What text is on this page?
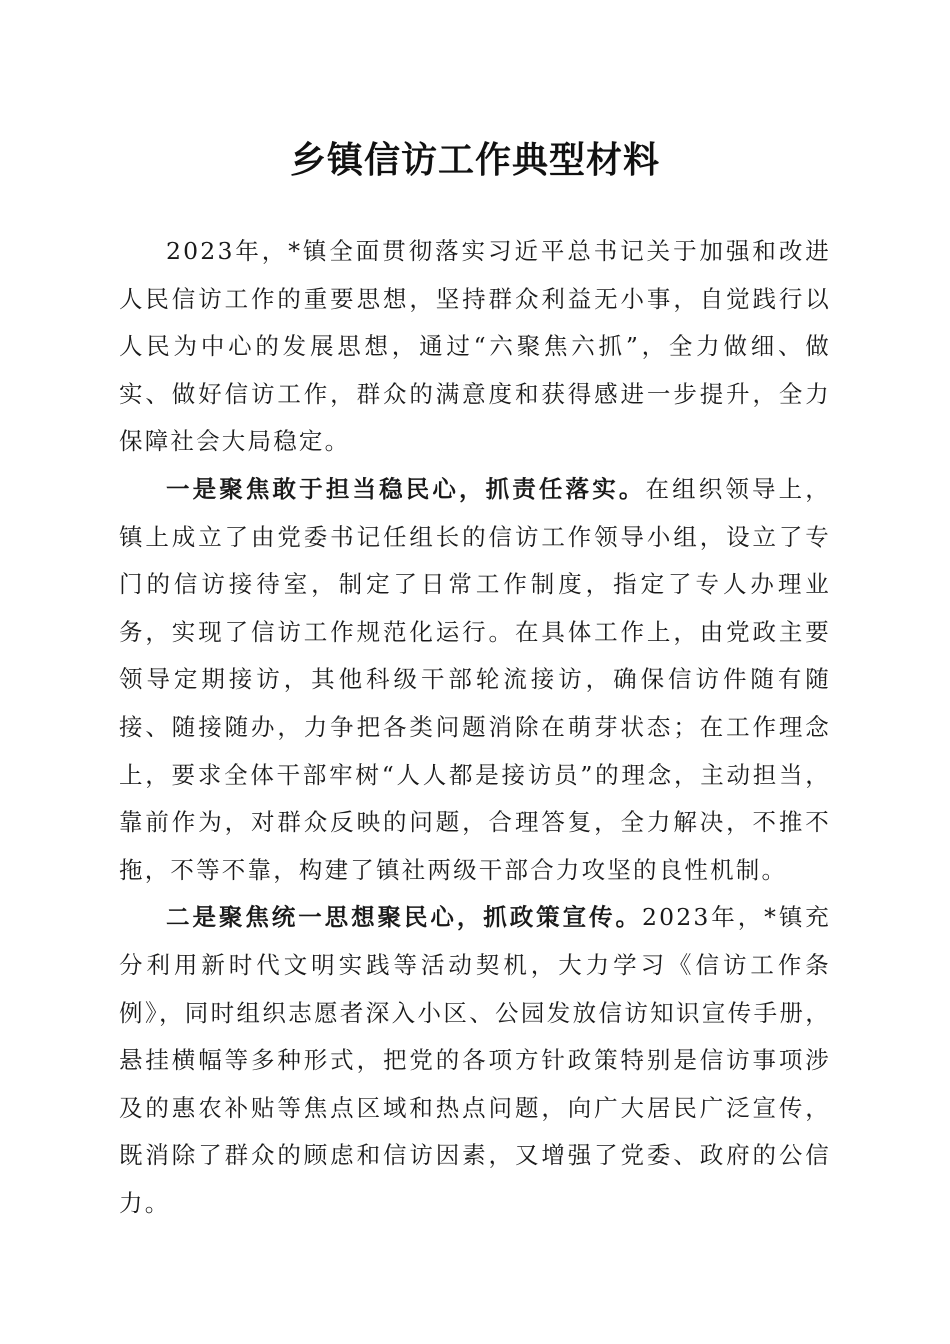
乡镇信访工作典型材料

2023年，*镇全面贯彻落实习近平总书记关于加强和改进人民信访工作的重要思想，坚持群众利益无小事，自觉践行以人民为中心的发展思想，通过“六聚焦六抓”，全力做细、做实、做好信访工作，群众的满意度和获得感进一步提升，全力保障社会大局稳定。

一是聚焦敢于担当稳民心，抓责任落实。在组织领导上，镇上成立了由党委书记任组长的信访工作领导小组，设立了专门的信访接待室，制定了日常工作制度，指定了专人办理业务，实现了信访工作规范化运行。在具体工作上，由党政主要领导定期接访，其他科级干部轮流接访，确保信访件随有随接、随接随办，力争把各类问题消除在萌芽状态；在工作理念上，要求全体干部牢树“人人都是接访员”的理念，主动担当，靠前作为，对群众反映的问题，合理答复，全力解决，不推不拖，不等不靠，构建了镇社两级干部合力攻坚的良性机制。

二是聚焦统一思想聚民心，抓政策宣传。2023年，*镇充分利用新时代文明实践等活动契机，大力学习《信访工作条例》，同时组织志愿者深入小区、公园发放信访知识宣传手册，悬挂横幅等多种形式，把党的各项方针政策特别是信访事项涉及的惠农补贴等焦点区域和热点问题，向广大居民广泛宣传，既消除了群众的顾虑和信访因素，又增强了党委、政府的公信力。
